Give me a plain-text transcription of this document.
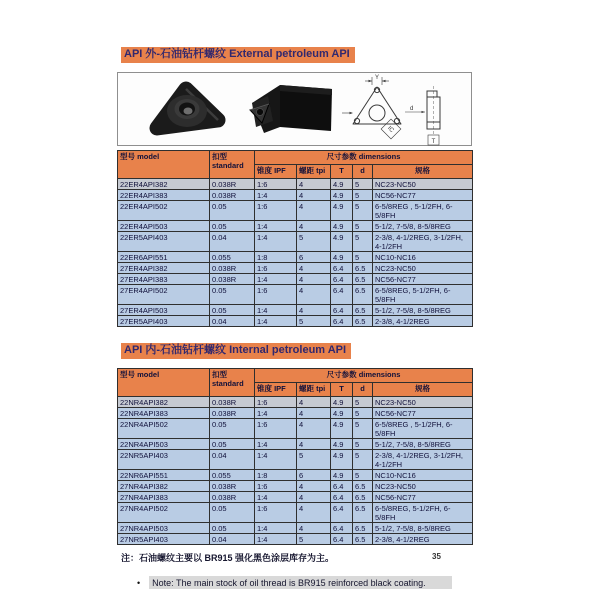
API 外-石油钻杆螺纹 External petroleum API
Y
IC
d
T
型号 model	扣型
standard	尺寸参数 dimensions				
		锥度 IPF	螺距 tpi	T	d	规格
22ER4API382	0.038R	1:6	4	4.9	5	NC23-NC50
22ER4API383	0.038R	1:4	4	4.9	5	NC56-NC77
22ER4API502	0.05	1:6	4	4.9	5	6-5/8REG , 5-1/2FH, 6-5/8FH
22ER4API503	0.05	1:4	4	4.9	5	5-1/2, 7-5/8, 8-5/8REG
22ER5API403	0.04	1:4	5	4.9	5	2-3/8, 4-1/2REG, 3-1/2FH, 4-1/2FH
22ER6API551	0.055	1:8	6	4.9	5	NC10-NC16
27ER4API382	0.038R	1:6	4	6.4	6.5	NC23-NC50
27ER4API383	0.038R	1:4	4	6.4	6.5	NC56-NC77
27ER4API502	0.05	1:6	4	6.4	6.5	6-5/8REG, 5-1/2FH, 6-5/8FH
27ER4API503	0.05	1:4	4	6.4	6.5	5-1/2, 7-5/8, 8-5/8REG
27ER5API403	0.04	1:4	5	6.4	6.5	2-3/8, 4-1/2REG
API 内-石油钻杆螺纹 Internal petroleum API
型号 model	扣型
standard	尺寸参数 dimensions				
		锥度 IPF	螺距 tpi	T	d	规格
22NR4API382	0.038R	1:6	4	4.9	5	NC23-NC50
22NR4API383	0.038R	1:4	4	4.9	5	NC56-NC77
22NR4API502	0.05	1:6	4	4.9	5	6-5/8REG , 5-1/2FH, 6-5/8FH
22NR4API503	0.05	1:4	4	4.9	5	5-1/2, 7-5/8, 8-5/8REG
22NR5API403	0.04	1:4	5	4.9	5	2-3/8, 4-1/2REG, 3-1/2FH, 4-1/2FH
22NR6API551	0.055	1:8	6	4.9	5	NC10-NC16
27NR4API382	0.038R	1:6	4	6.4	6.5	NC23-NC50
27NR4API383	0.038R	1:4	4	6.4	6.5	NC56-NC77
27NR4API502	0.05	1:6	4	6.4	6.5	6-5/8REG, 5-1/2FH, 6-5/8FH
27NR4API503	0.05	1:4	4	6.4	6.5	5-1/2, 7-5/8, 8-5/8REG
27NR5API403	0.04	1:4	5	6.4	6.5	2-3/8, 4-1/2REG
注：石油螺纹主要以 BR915 强化黑色涂层库存为主。
•	Note: The main stock of oil thread is BR915 reinforced black coating.
35
